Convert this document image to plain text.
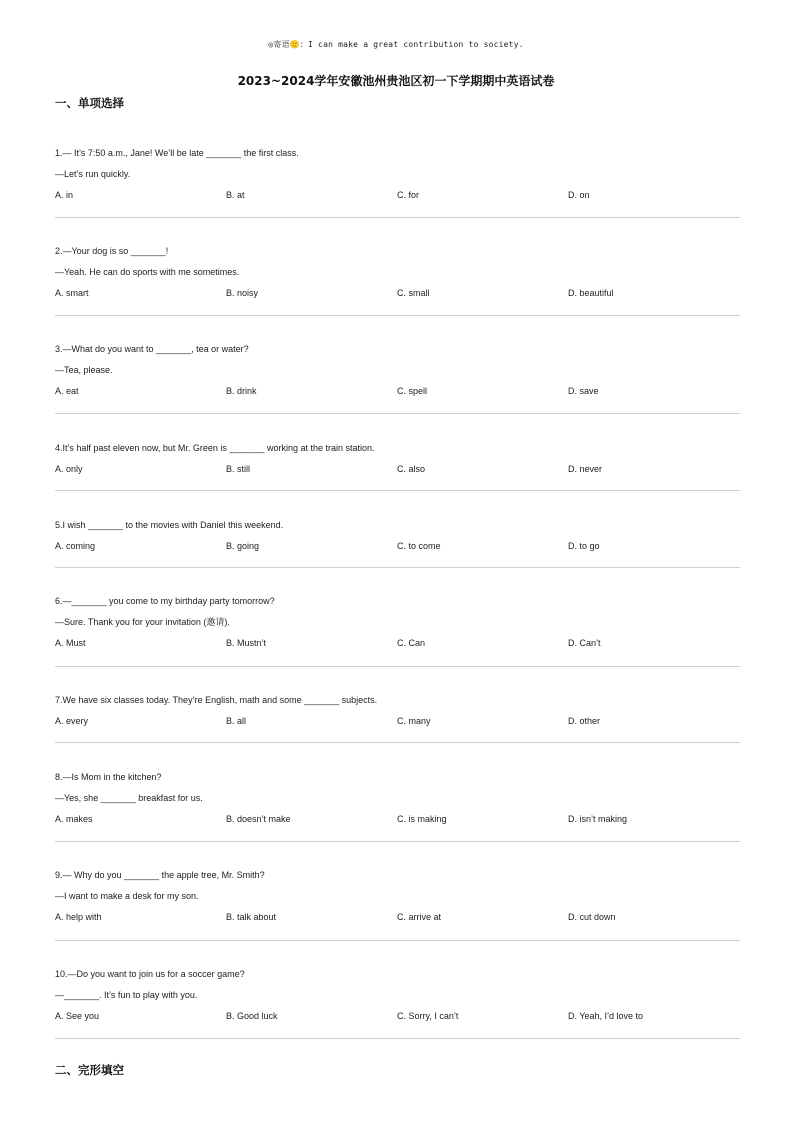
◎寄语🙂：I can make a great contribution to society.
2023~2024学年安徽池州贵池区初一下学期期中英语试卷
一、单项选择
1.— It’s 7:50 a.m., Jane! We’ll be late _______ the first class.
—Let’s run quickly.
A. in	B. at	C. for	D. on
2.—Your dog is so _______!
—Yeah. He can do sports with me sometimes.
A. smart	B. noisy	C. small	D. beautiful
3.—What do you want to _______, tea or water?
—Tea, please.
A. eat	B. drink	C. spell	D. save
4.It’s half past eleven now, but Mr. Green is _______ working at the train station.
A. only	B. still	C. also	D. never
5.I wish _______ to the movies with Daniel this weekend.
A. coming	B. going	C. to come	D. to go
6.—_______ you come to my birthday party tomorrow?
—Sure. Thank you for your invitation (邀请).
A. Must	B. Mustn’t	C. Can	D. Can’t
7.We have six classes today. They’re English, math and some _______ subjects.
A. every	B. all	C. many	D. other
8.—Is Mom in the kitchen?
—Yes, she _______ breakfast for us.
A. makes	B. doesn’t make	C. is making	D. isn’t making
9.— Why do you _______ the apple tree, Mr. Smith?
—I want to make a desk for my son.
A. help with	B. talk about	C. arrive at	D. cut down
10.—Do you want to join us for a soccer game?
—_______. It’s fun to play with you.
A. See you	B. Good luck	C. Sorry, I can’t	D. Yeah, I’d love to
二、完形填空
